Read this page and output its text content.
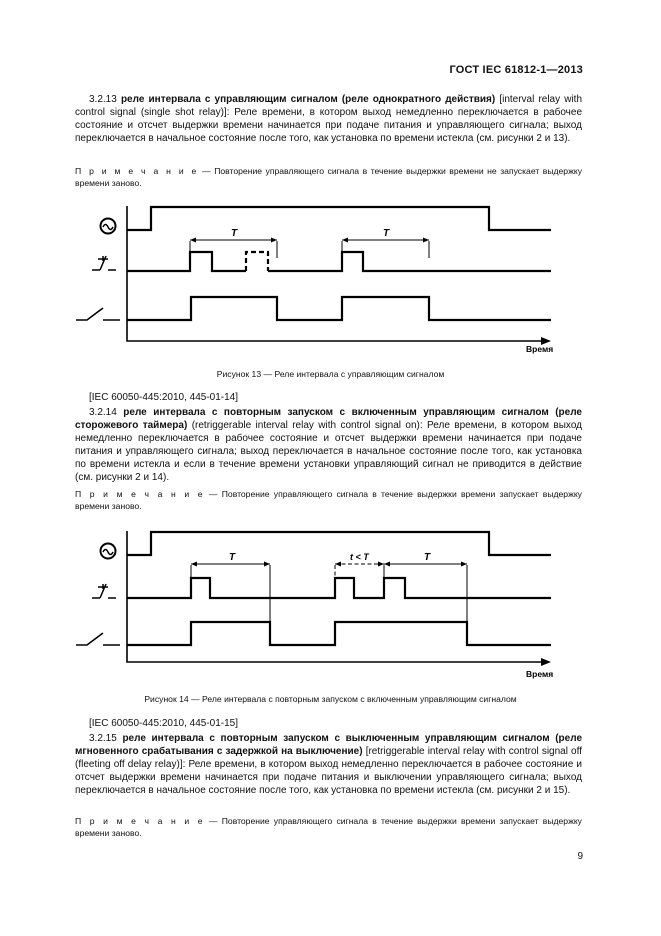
ГОСТ IEC 61812-1—2013
3.2.13 реле интервала с управляющим сигналом (реле однократного действия) [interval relay with control signal (single shot relay)]: Реле времени, в котором выход немедленно переключается в рабочее состояние и отсчет выдержки времени начинается при подаче питания и управляющего сигнала; выход переключается в начальное состояние после того, как установка по времени истекла (см. рисунки 2 и 13).
П р и м е ч а н и е — Повторение управляющего сигнала в течение выдержки времени не запускает выдержку времени заново.
T	T
Время
Рисунок 13 — Реле интервала с управляющим сигналом
[IEC 60050-445:2010, 445-01-14]
3.2.14 реле интервала с повторным запуском с включенным управляющим сигналом (реле сторожевого таймера) (retriggerable interval relay with control signal on): Реле времени, в котором выход немедленно переключается в рабочее состояние и отсчет выдержки времени начинается при подаче питания и управляющего сигнала; выход переключается в начальное состояние после того, как установка по времени истекла и если в течение времени установки управляющий сигнал не приводится в действие (см. рисунки 2 и 14).
П р и м е ч а н и е — Повторение управляющего сигнала в течение выдержки времени запускает выдержку времени заново.
T	t < T	T
Время
Рисунок 14 — Реле интервала с повторным запуском с включенным управляющим сигналом
[IEC 60050-445:2010, 445-01-15]
3.2.15 реле интервала с повторным запуском с выключенным управляющим сигналом (реле мгновенного срабатывания с задержкой на выключение) [retriggerable interval relay with control signal off (fleeting off delay relay)]: Реле времени, в котором выход немедленно переключается в рабочее состояние и отсчет выдержки времени начинается при подаче питания и выключении управляющего сигнала; выход переключается в начальное состояние после того, как установка по времени истекла (см. рисунки 2 и 15).
П р и м е ч а н и е — Повторение управляющего сигнала в течение выдержки времени запускает выдержку времени заново.
9
